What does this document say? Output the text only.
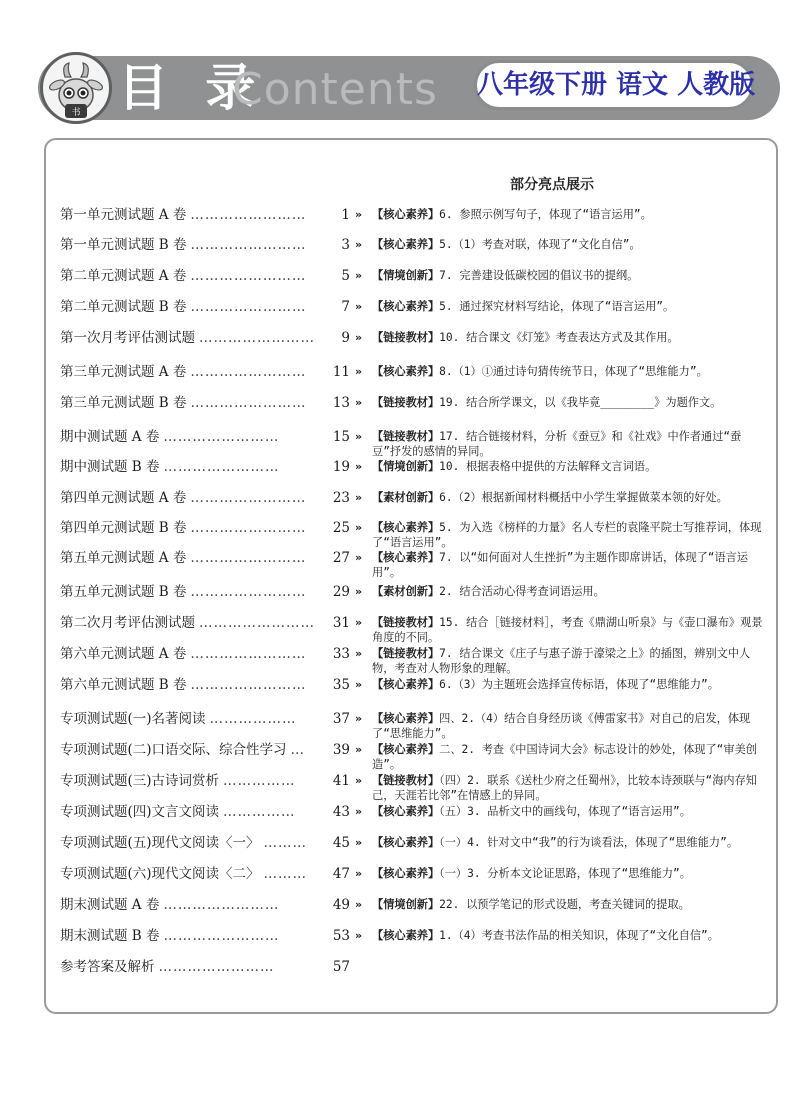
书 目 录
Contents 八年级下册 语文 人教版
部分亮点展示
第一单元测试题 A 卷 ……………………	1 » 【核心素养】6. 参照示例写句子，体现了“语言运用”。
第一单元测试题 B 卷 ……………………	3 » 【核心素养】5.（1）考查对联，体现了“文化自信”。
第二单元测试题 A 卷 ……………………	5 » 【情境创新】7. 完善建设低碳校园的倡议书的提纲。
第二单元测试题 B 卷 ……………………	7 » 【核心素养】5. 通过探究材料写结论，体现了“语言运用”。
第一次月考评估测试题 ……………………	9 » 【链接教材】10. 结合课文《灯笼》考查表达方式及其作用。
第三单元测试题 A 卷 ……………………	11 » 【核心素养】8.（1）①通过诗句猜传统节日，体现了“思维能力”。
第三单元测试题 B 卷 ……………………	13 » 【链接教材】19. 结合所学课文，以《我毕竟________》为题作文。
期中测试题 A 卷 ……………………	15 » 【链接教材】17. 结合链接材料，分析《蚕豆》和《社戏》中作者通过“蚕豆”抒发的感情的异同。
期中测试题 B 卷 ……………………	19 » 【情境创新】10. 根据表格中提供的方法解释文言词语。
第四单元测试题 A 卷 ……………………	23 » 【素材创新】6.（2）根据新闻材料概括中小学生掌握做菜本领的好处。
第四单元测试题 B 卷 ……………………	25 » 【核心素养】5. 为入选《榜样的力量》名人专栏的袁隆平院士写推荐词，体现了“语言运用”。
第五单元测试题 A 卷 ……………………	27 » 【核心素养】7. 以“如何面对人生挫折”为主题作即席讲话，体现了“语言运用”。
第五单元测试题 B 卷 ……………………	29 » 【素材创新】2. 结合活动心得考查词语运用。
第二次月考评估测试题 ……………………	31 » 【链接教材】15. 结合［链接材料］，考查《鼎湖山听泉》与《壶口瀑布》观景角度的不同。
第六单元测试题 A 卷 ……………………	33 » 【链接教材】7. 结合课文《庄子与惠子游于濠梁之上》的插图，辨别文中人物，考查对人物形象的理解。
第六单元测试题 B 卷 ……………………	35 » 【核心素养】6.（3）为主题班会选择宣传标语，体现了“思维能力”。
专项测试题(一)名著阅读 ………………	37 » 【核心素养】四、2.（4）结合自身经历谈《傅雷家书》对自己的启发，体现了“思维能力”。
专项测试题(二)口语交际、综合性学习 …	39 » 【核心素养】二、2. 考查《中国诗词大会》标志设计的妙处，体现了“审美创造”。
专项测试题(三)古诗词赏析 ……………	41 » 【链接教材】（四）2. 联系《送杜少府之任蜀州》，比较本诗颈联与“海内存知己，天涯若比邻”在情感上的异同。
专项测试题(四)文言文阅读 ……………	43 » 【核心素养】（五）3. 品析文中的画线句，体现了“语言运用”。
专项测试题(五)现代文阅读〈一〉 ………	45 » 【核心素养】（一）4. 针对文中“我”的行为谈看法，体现了“思维能力”。
专项测试题(六)现代文阅读〈二〉 ………	47 » 【核心素养】（一）3. 分析本文论证思路，体现了“思维能力”。
期末测试题 A 卷 ……………………	49 » 【情境创新】22. 以预学笔记的形式设题，考查关键词的提取。
期末测试题 B 卷 ……………………	53 » 【核心素养】1.（4）考查书法作品的相关知识，体现了“文化自信”。
参考答案及解析 ……………………	57
